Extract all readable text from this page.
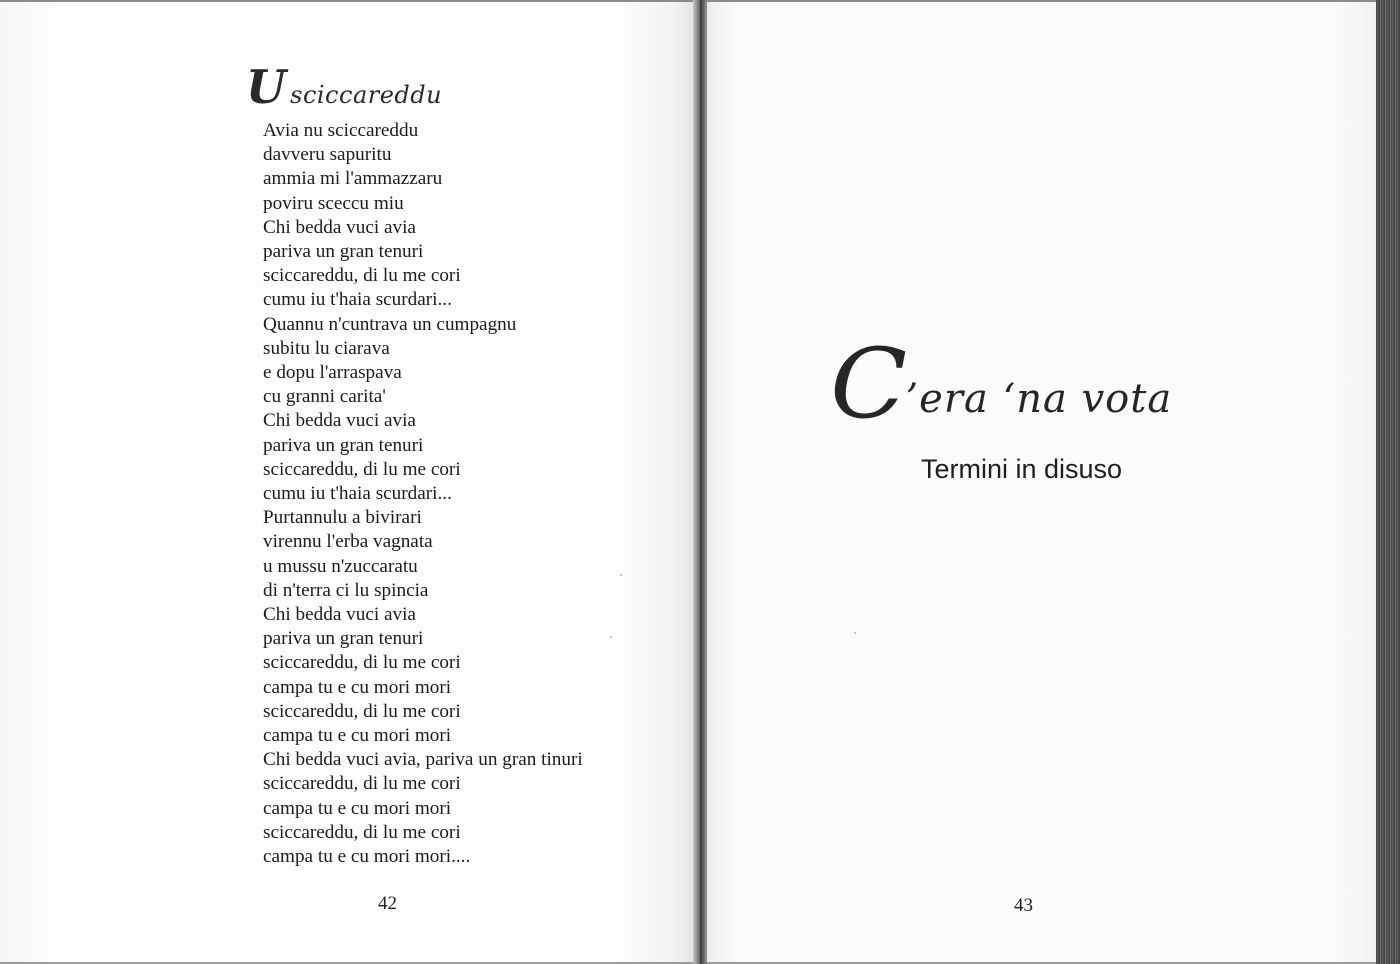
Usciccareddu
Avia nu sciccareddu
davveru sapuritu
ammia mi l'ammazzaru
poviru sceccu miu
Chi bedda vuci avia
pariva un gran tenuri
sciccareddu, di lu me cori
cumu iu t'haia scurdari...
Quannu n'cuntrava un cumpagnu
subitu lu ciarava
e dopu l'arraspava
cu granni carita'
Chi bedda vuci avia
pariva un gran tenuri
sciccareddu, di lu me cori
cumu iu t'haia scurdari...
Purtannulu a bivirari
virennu l'erba vagnata
u mussu n'zuccaratu
di n'terra ci lu spincia
Chi bedda vuci avia
pariva un gran tenuri
sciccareddu, di lu me cori
campa tu e cu mori mori
sciccareddu, di lu me cori
campa tu e cu mori mori
Chi bedda vuci avia, pariva un gran tinuri
sciccareddu, di lu me cori
campa tu e cu mori mori
sciccareddu, di lu me cori
campa tu e cu mori mori....
42
C’era ‘na vota
Termini in disuso
43
